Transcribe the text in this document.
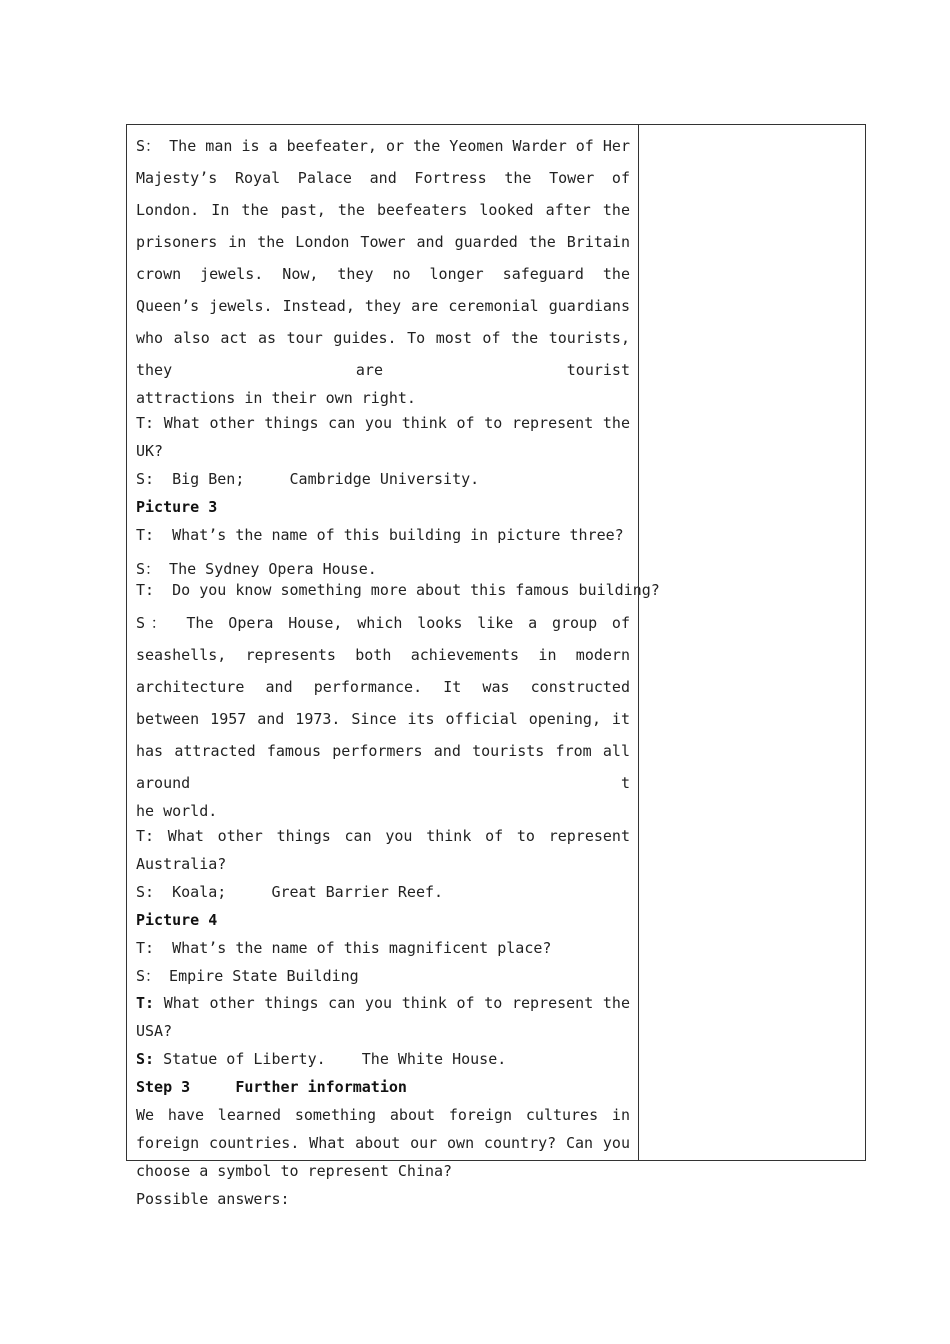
S： The man is a beefeater, or the Yeomen Warder of Her Majesty’s Royal Palace and Fortress the Tower of London. In the past, the beefeaters looked after the prisoners in the London Tower and guarded the Britain crown jewels. Now, they no longer safeguard the Queen’s jewels. Instead, they are ceremonial guardians who also act as tour guides. To most of the tourists, they are tourist

attractions in their own right.

T: What other things can you think of to represent the UK?

S:  Big Ben;     Cambridge University.

Picture 3

T:  What’s the name of this building in picture three?

S： The Sydney Opera House.

T:  Do you know something more about this famous building?

S： The Opera House, which looks like a group of seashells, represents both achievements in modern architecture and performance. It was constructed between 1957 and 1973. Since its official opening, it has attracted famous performers and tourists from all around t

he world.

T: What other things can you think of to represent Australia?

S:  Koala;     Great Barrier Reef.

Picture 4

T:  What’s the name of this magnificent place?

S： Empire State Building

T: What other things can you think of to represent the USA?

S: Statue of Liberty.    The White House.

Step 3     Further information

We have learned something about foreign cultures in foreign countries. What about our own country? Can you choose a symbol to represent China?

Possible answers:
